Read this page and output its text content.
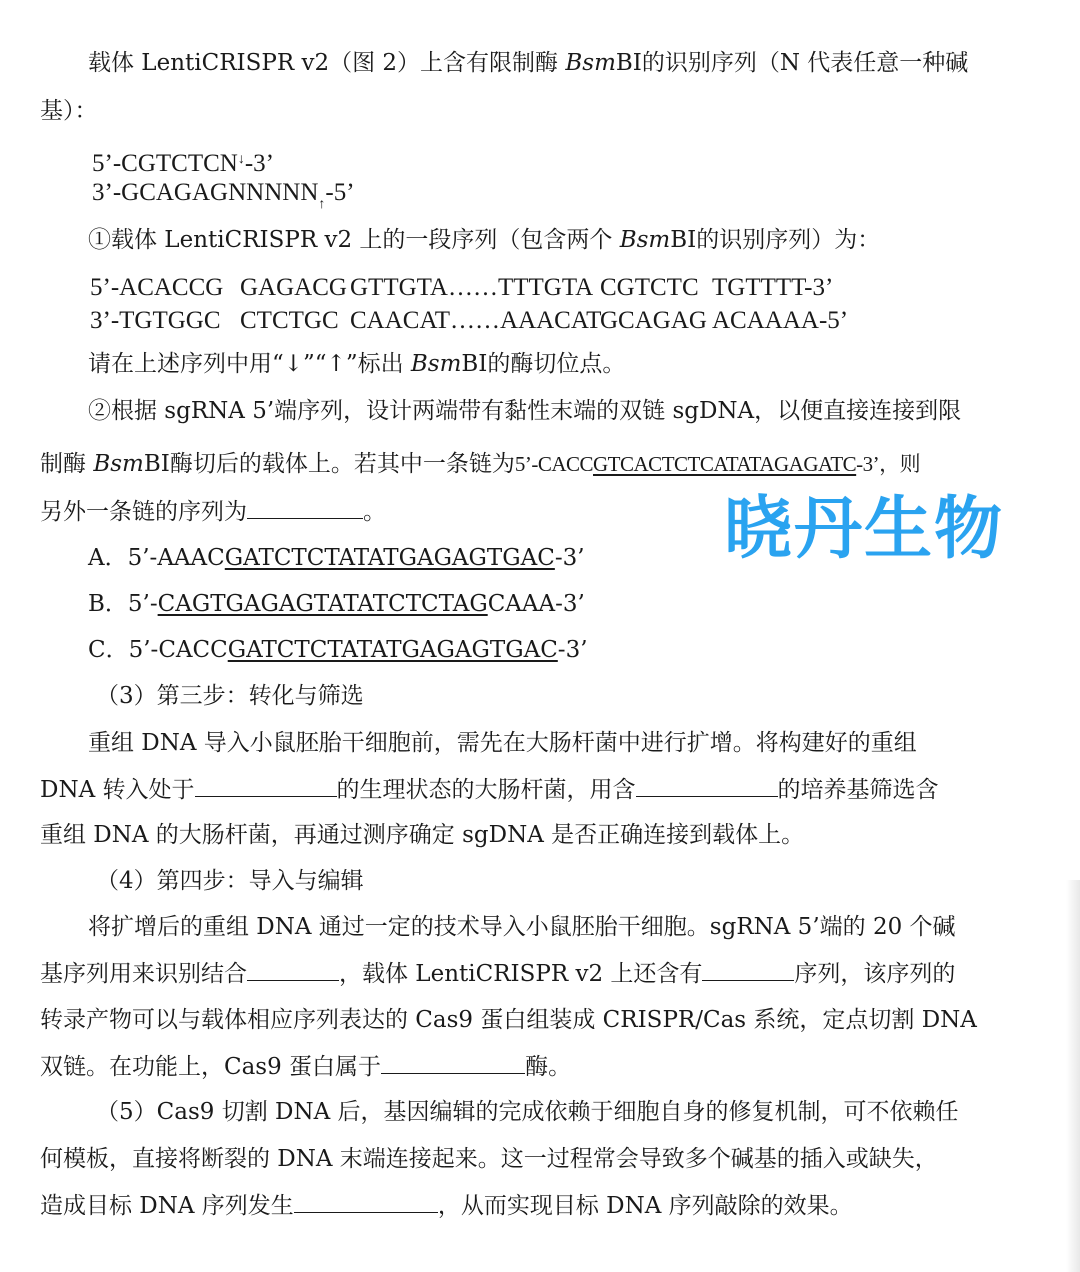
载体 LentiCRISPR v2（图 2）上含有限制酶 BsmBⅠ的识别序列（N 代表任意一种碱
基）：
5’-CGTCTCN↓-3’
3’-GCAGAGNNNNN↑-5’
①载体 LentiCRISPR v2 上的一段序列（包含两个 BsmBⅠ的识别序列）为：
5’-ACACCG GAGACG GTTGTA……TTTGTA CGTCTC TGTTTT-3’
3’-TGTGGC CTCTGC CAACAT……AAACATGCAGAG ACAAAA-5’
请在上述序列中用“↓”“↑”标出 BsmBⅠ的酶切位点。
②根据 sgRNA 5’端序列，设计两端带有黏性末端的双链 sgDNA，以便直接连接到限
制酶 BsmBⅠ酶切后的载体上。若其中一条链为5’-CACCGTCACTCTCATATAGAGATC-3’，则
另外一条链的序列为	。
A．5’-AAACGATCTCTATATGAGAGTGAC-3’
B．5’-CAGTGAGAGTATATCTCTAGCAAA-3’
C．5’-CACCGATCTCTATATGAGAGTGAC-3’
（3）第三步：转化与筛选
重组 DNA 导入小鼠胚胎干细胞前，需先在大肠杆菌中进行扩增。将构建好的重组
DNA 转入处于	的生理状态的大肠杆菌，用含	的培养基筛选含
重组 DNA 的大肠杆菌，再通过测序确定 sgDNA 是否正确连接到载体上。
（4）第四步：导入与编辑
将扩增后的重组 DNA 通过一定的技术导入小鼠胚胎干细胞。sgRNA 5’端的 20 个碱
基序列用来识别结合	，载体 LentiCRISPR v2 上还含有	序列，该序列的
转录产物可以与载体相应序列表达的 Cas9 蛋白组装成 CRISPR/Cas 系统，定点切割 DNA
双链。在功能上，Cas9 蛋白属于	酶。
（5）Cas9 切割 DNA 后，基因编辑的完成依赖于细胞自身的修复机制，可不依赖任
何模板，直接将断裂的 DNA 末端连接起来。这一过程常会导致多个碱基的插入或缺失，
造成目标 DNA 序列发生	，从而实现目标 DNA 序列敲除的效果。
晓丹生物
